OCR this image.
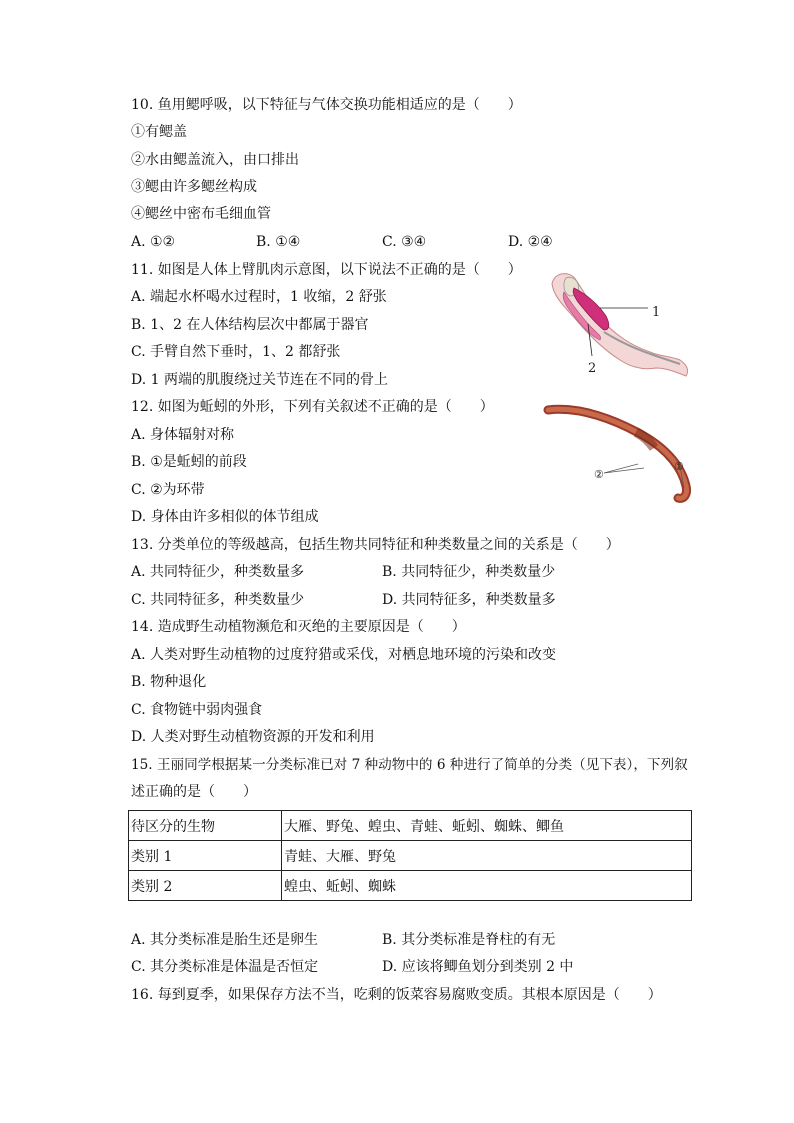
10. 鱼用鳃呼吸，以下特征与气体交换功能相适应的是（　　）
①有鳃盖
②水由鳃盖流入，由口排出
③鳃由许多鳃丝构成
④鳃丝中密布毛细血管
A. ①②	B. ①④	C. ③④	D. ②④
11. 如图是人体上臂肌肉示意图，以下说法不正确的是（　　）
A. 端起水杯喝水过程时，1 收缩，2 舒张
B. 1、2 在人体结构层次中都属于器官
C. 手臂自然下垂时，1、2 都舒张
D. 1 两端的肌腹绕过关节连在不同的骨上
1
2
12. 如图为蚯蚓的外形，下列有关叙述不正确的是（　　）
A. 身体辐射对称
B. ①是蚯蚓的前段
C. ②为环带
D. 身体由许多相似的体节组成
②
①
13. 分类单位的等级越高，包括生物共同特征和种类数量之间的关系是（　　）
A. 共同特征少，种类数量多	B. 共同特征少，种类数量少
C. 共同特征多，种类数量少	D. 共同特征多，种类数量多
14. 造成野生动植物濒危和灭绝的主要原因是（　　）
A. 人类对野生动植物的过度狩猎或采伐，对栖息地环境的污染和改变
B. 物种退化
C. 食物链中弱肉强食
D. 人类对野生动植物资源的开发和利用
15. 王丽同学根据某一分类标准已对 7 种动物中的 6 种进行了简单的分类（见下表），下列叙
述正确的是（　　）
待区分的生物	大雁、野兔、蝗虫、青蛙、蚯蚓、蜘蛛、鲫鱼
类别 1	青蛙、大雁、野兔
类别 2	蝗虫、蚯蚓、蜘蛛
A. 其分类标准是胎生还是卵生	B. 其分类标准是脊柱的有无
C. 其分类标准是体温是否恒定	D. 应该将鲫鱼划分到类别 2 中
16. 每到夏季，如果保存方法不当，吃剩的饭菜容易腐败变质。其根本原因是（　　）
